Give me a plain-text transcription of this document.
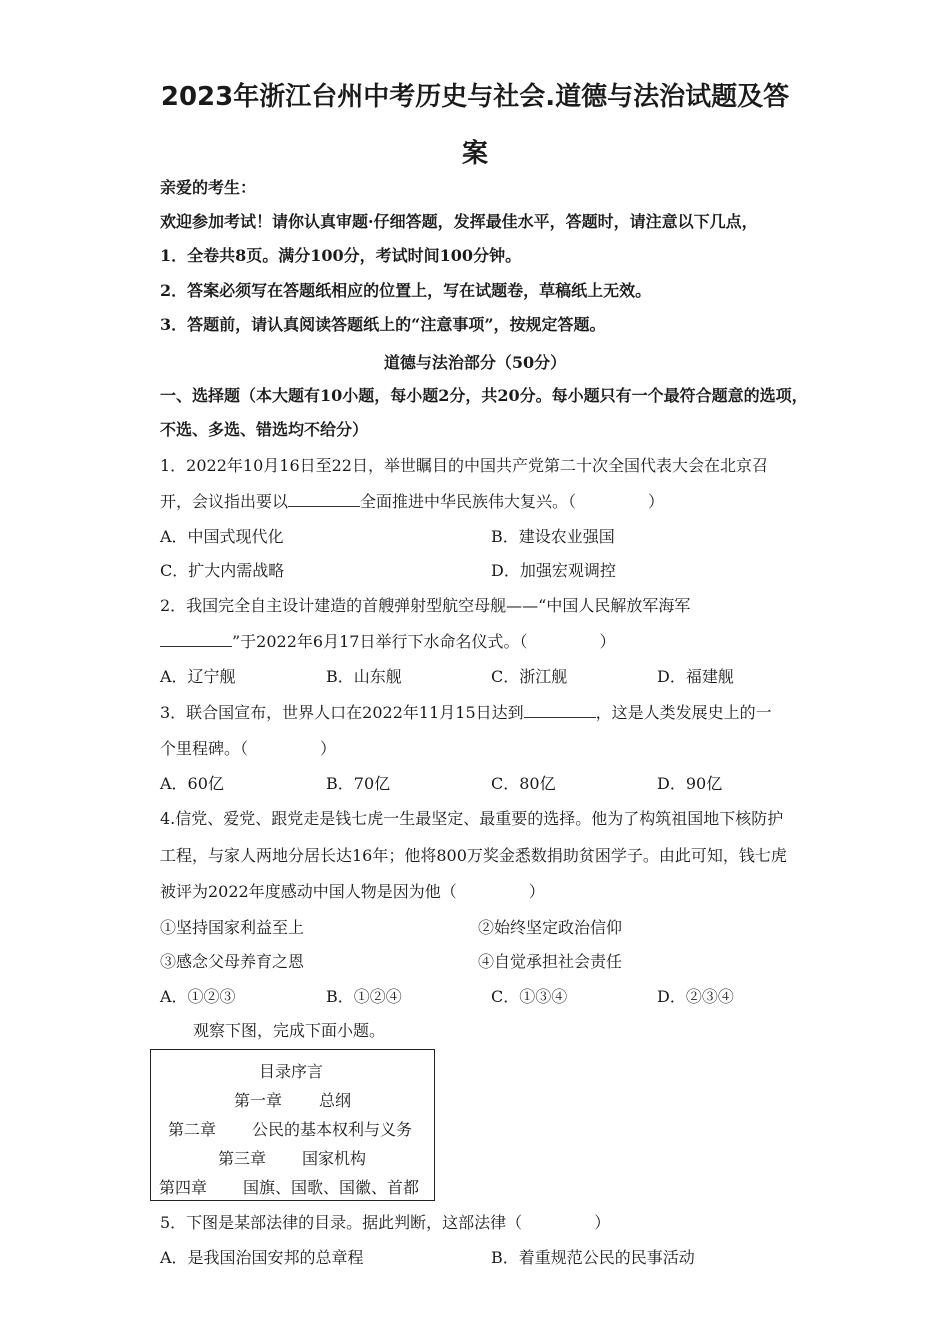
2023年浙江台州中考历史与社会.道德与法治试题及答
案
亲爱的考生：
欢迎参加考试！请你认真审题·仔细答题，发挥最佳水平，答题时，请注意以下几点，
1．全卷共8页。满分100分，考试时间100分钟。
2．答案必须写在答题纸相应的位置上，写在试题卷，草稿纸上无效。
3．答题前，请认真阅读答题纸上的“注意事项”，按规定答题。
道德与法治部分（50分）
一、选择题（本大题有10小题，每小题2分，共20分。每小题只有一个最符合题意的选项，
不选、多选、错选均不给分）
1．2022年10月16日至22日，举世瞩目的中国共产党第二十次全国代表大会在北京召
开，会议指出要以	全面推进中华民族伟大复兴。（	）
A．中国式现代化	B．建设农业强国
C．扩大内需战略	D．加强宏观调控
2．我国完全自主设计建造的首艘弹射型航空母舰——“中国人民解放军海军
”于2022年6月17日举行下水命名仪式。（	）
A．辽宁舰	B．山东舰	C．浙江舰	D．福建舰
3．联合国宣布，世界人口在2022年11月15日达到	，这是人类发展史上的一
个里程碑。（	）
A．60亿	B．70亿	C．80亿	D．90亿
4.信党、爱党、跟党走是钱七虎一生最坚定、最重要的选择。他为了构筑祖国地下核防护
工程，与家人两地分居长达16年；他将800万奖金悉数捐助贫困学子。由此可知，钱七虎
被评为2022年度感动中国人物是因为他（	）
①坚持国家利益至上	②始终坚定政治信仰
③感念父母养育之恩	④自觉承担社会责任
A．①②③	B．①②④	C．①③④	D．②③④
观察下图，完成下面小题。
目录序言
第一章 总纲
第二章 公民的基本权利与义务
第三章 国家机构
第四章 国旗、国歌、国徽、首都
5．下图是某部法律的目录。据此判断，这部法律（	）
A．是我国治国安邦的总章程	B．着重规范公民的民事活动
